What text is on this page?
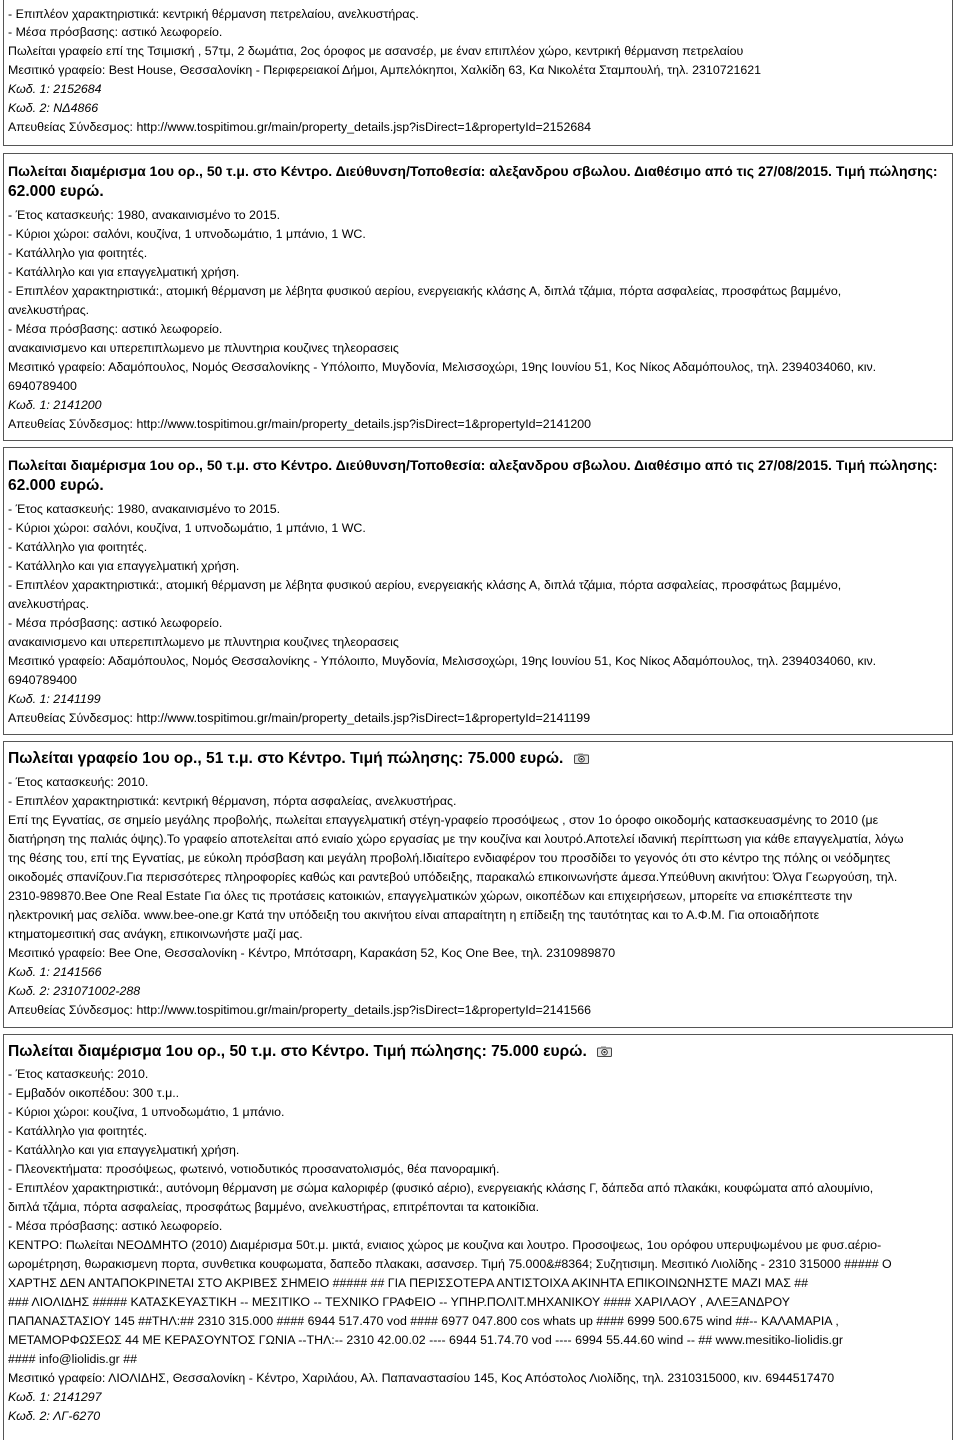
- Επιπλέον χαρακτηριστικά: κεντρική θέρμανση πετρελαίου, ανελκυστήρας.
- Μέσα πρόσβασης: αστικό λεωφορείο.
Πωλείται γραφείο επί της Τσιμισκή , 57τμ, 2 δωμάτια, 2ος όροφος με ασανσέρ, με έναν επιπλέον χώρο, κεντρική θέρμανση πετρελαίου
Μεσιτικό γραφείο: Best House, Θεσσαλονίκη - Περιφερειακοί Δήμοι, Αμπελόκηποι, Χαλκίδη 63, Κα Νικολέτα Σταμπουλή, τηλ. 2310721621
Κωδ. 1: 2152684
Κωδ. 2: ΝΔ4866
Απευθείας Σύνδεσμος: http://www.tospitimou.gr/main/property_details.jsp?isDirect=1&propertyId=2152684
Πωλείται διαμέρισμα 1ου ορ., 50 τ.μ. στο Κέντρο. Διεύθυνση/Τοποθεσία: αλεξανδρου σβωλου. Διαθέσιμο από τις 27/08/2015. Τιμή πώλησης:
62.000 ευρώ.
- Έτος κατασκευής: 1980, ανακαινισμένο το 2015.
- Κύριοι χώροι: σαλόνι, κουζίνα, 1 υπνοδωμάτιο, 1 μπάνιο, 1 WC.
- Κατάλληλο για φοιτητές.
- Κατάλληλο και για επαγγελματική χρήση.
- Επιπλέον χαρακτηριστικά:, ατομική θέρμανση με λέβητα φυσικού αερίου, ενεργειακής κλάσης Α, διπλά τζάμια, πόρτα ασφαλείας, προσφάτως βαμμένο,
ανελκυστήρας.
- Μέσα πρόσβασης: αστικό λεωφορείο.
ανακαινισμενο και υπερεπιπλωμενο με πλυντηρια κουζινες τηλεορασεις
Μεσιτικό γραφείο: Αδαμόπουλος, Νομός Θεσσαλονίκης - Υπόλοιπο, Μυγδονία, Μελισσοχώρι, 19ης Ιουνίου 51, Κος Νίκος Αδαμόπουλος, τηλ. 2394034060, κιν.
6940789400
Κωδ. 1: 2141200
Απευθείας Σύνδεσμος: http://www.tospitimou.gr/main/property_details.jsp?isDirect=1&propertyId=2141200
Πωλείται διαμέρισμα 1ου ορ., 50 τ.μ. στο Κέντρο. Διεύθυνση/Τοποθεσία: αλεξανδρου σβωλου. Διαθέσιμο από τις 27/08/2015. Τιμή πώλησης:
62.000 ευρώ.
- Έτος κατασκευής: 1980, ανακαινισμένο το 2015.
- Κύριοι χώροι: σαλόνι, κουζίνα, 1 υπνοδωμάτιο, 1 μπάνιο, 1 WC.
- Κατάλληλο για φοιτητές.
- Κατάλληλο και για επαγγελματική χρήση.
- Επιπλέον χαρακτηριστικά:, ατομική θέρμανση με λέβητα φυσικού αερίου, ενεργειακής κλάσης Α, διπλά τζάμια, πόρτα ασφαλείας, προσφάτως βαμμένο,
ανελκυστήρας.
- Μέσα πρόσβασης: αστικό λεωφορείο.
ανακαινισμενο και υπερεπιπλωμενο με πλυντηρια κουζινες τηλεορασεις
Μεσιτικό γραφείο: Αδαμόπουλος, Νομός Θεσσαλονίκης - Υπόλοιπο, Μυγδονία, Μελισσοχώρι, 19ης Ιουνίου 51, Κος Νίκος Αδαμόπουλος, τηλ. 2394034060, κιν.
6940789400
Κωδ. 1: 2141199
Απευθείας Σύνδεσμος: http://www.tospitimou.gr/main/property_details.jsp?isDirect=1&propertyId=2141199
Πωλείται γραφείο 1ου ορ., 51 τ.μ. στο Κέντρο. Τιμή πώλησης: 75.000 ευρώ.
- Έτος κατασκευής: 2010.
- Επιπλέον χαρακτηριστικά: κεντρική θέρμανση, πόρτα ασφαλείας, ανελκυστήρας.
Επί της Εγνατίας, σε σημείο μεγάλης προβολής, πωλείται επαγγελματική στέγη-γραφείο προσόψεως , στον 1ο όροφο οικοδομής κατασκευασμένης το 2010 (με
διατήρηση της παλιάς όψης).Το γραφείο αποτελείται από ενιαίο χώρο εργασίας με την κουζίνα και λουτρό.Αποτελεί ιδανική περίπτωση για κάθε επαγγελματία, λόγω
της θέσης του, επί της Εγνατίας, με εύκολη πρόσβαση και μεγάλη προβολή.Ιδιαίτερο ενδιαφέρον του προσδίδει το γεγονός ότι στο κέντρο της πόλης οι νεόδμητες
οικοδομές σπανίζουν.Για περισσότερες πληροφορίες καθώς και ραντεβού υπόδειξης, παρακαλώ επικοινωνήστε άμεσα.Υπεύθυνη ακινήτου: Όλγα Γεωργούση, τηλ.
2310-989870.Bee One Real Estate Για όλες τις προτάσεις κατοικιών, επαγγελματικών χώρων, οικοπέδων και επιχειρήσεων, μπορείτε να επισκέπτεστε την
ηλεκτρονική μας σελίδα. www.bee-one.gr Κατά την υπόδειξη του ακινήτου είναι απαραίτητη η επίδειξη της ταυτότητας και το Α.Φ.Μ. Για οποιαδήποτε
κτηματομεσιτική σας ανάγκη, επικοινωνήστε μαζί μας.
Μεσιτικό γραφείο: Bee One, Θεσσαλονίκη - Κέντρο, Μπότσαρη, Καρακάση 52, Κος One Bee, τηλ. 2310989870
Κωδ. 1: 2141566
Κωδ. 2: 231071002-288
Απευθείας Σύνδεσμος: http://www.tospitimou.gr/main/property_details.jsp?isDirect=1&propertyId=2141566
Πωλείται διαμέρισμα 1ου ορ., 50 τ.μ. στο Κέντρο. Τιμή πώλησης: 75.000 ευρώ.
- Έτος κατασκευής: 2010.
- Εμβαδόν οικοπέδου: 300 τ.μ..
- Κύριοι χώροι: κουζίνα, 1 υπνοδωμάτιο, 1 μπάνιο.
- Κατάλληλο για φοιτητές.
- Κατάλληλο και για επαγγελματική χρήση.
- Πλεονεκτήματα: προσόψεως, φωτεινό, νοτιοδυτικός προσανατολισμός, θέα πανοραμική.
- Επιπλέον χαρακτηριστικά:, αυτόνομη θέρμανση με σώμα καλοριφέρ (φυσικό αέριο), ενεργειακής κλάσης Γ, δάπεδα από πλακάκι, κουφώματα από αλουμίνιο,
διπλά τζάμια, πόρτα ασφαλείας, προσφάτως βαμμένο, ανελκυστήρας, επιτρέπονται τα κατοικίδια.
- Μέσα πρόσβασης: αστικό λεωφορείο.
ΚΕΝΤΡΟ: Πωλείται ΝΕΟΔΜΗΤΟ (2010) Διαμέρισμα 50τ.μ. μικτά, ενιαιος χώρος με κουζινα και λουτρο. Προσοψεως, 1ου ορόφου υπερυψωμένου με φυσ.αέριο-
ωρομέτρηση, θωρακισμενη πορτα, συνθετικα κουφωματα, δαπεδο πλακακι, ασανσερ. Τιμή 75.000&#8364; Συζητισιμη. Μεσιτικό Λιολίδης - 2310 315000 ##### Ο
ΧΑΡΤΗΣ ΔΕΝ ΑΝΤΑΠΟΚΡΙΝΕΤΑΙ ΣΤΟ ΑΚΡΙΒΕΣ ΣΗΜΕΙΟ ##### ## ΓΙΑ ΠΕΡΙΣΣΟΤΕΡΑ ΑΝΤΙΣΤΟΙΧΑ ΑΚΙΝΗΤΑ ΕΠΙΚΟΙΝΩΝΗΣΤΕ ΜΑΖΙ ΜΑΣ ##
### ΛΙΟΛΙΔΗΣ ##### ΚΑΤΑΣΚΕΥΑΣΤΙΚΗ -- ΜΕΣΙΤΙΚΟ -- ΤΕΧΝΙΚΟ ΓΡΑΦΕΙΟ -- ΥΠΗΡ.ΠΟΛΙΤ.ΜΗΧΑΝΙΚΟΥ #### ΧΑΡΙΛΑΟΥ , ΑΛΕΞΑΝΔΡΟΥ
ΠΑΠΑΝΑΣΤΑΣΙΟΥ 145 ##ΤΗΛ:## 2310 315.000 #### 6944 517.470 vod #### 6977 047.800 cos whats up #### 6999 500.675 wind ##-- ΚΑΛΑΜΑΡΙΑ ,
ΜΕΤΑΜΟΡΦΩΣΕΩΣ 44 ΜΕ ΚΕΡΑΣΟΥΝΤΟΣ ΓΩΝΙΑ --ΤΗΛ:-- 2310 42.00.02 ---- 6944 51.74.70 vod ---- 6994 55.44.60 wind -- ## www.mesitiko-liolidis.gr
#### info@liolidis.gr ##
Μεσιτικό γραφείο: ΛΙΟΛΙΔΗΣ, Θεσσαλονίκη - Κέντρο, Χαριλάου, Αλ. Παπαναστασίου 145, Κος Απόστολος Λιολίδης, τηλ. 2310315000, κιν. 6944517470
Κωδ. 1: 2141297
Κωδ. 2: ΛΓ-6270
